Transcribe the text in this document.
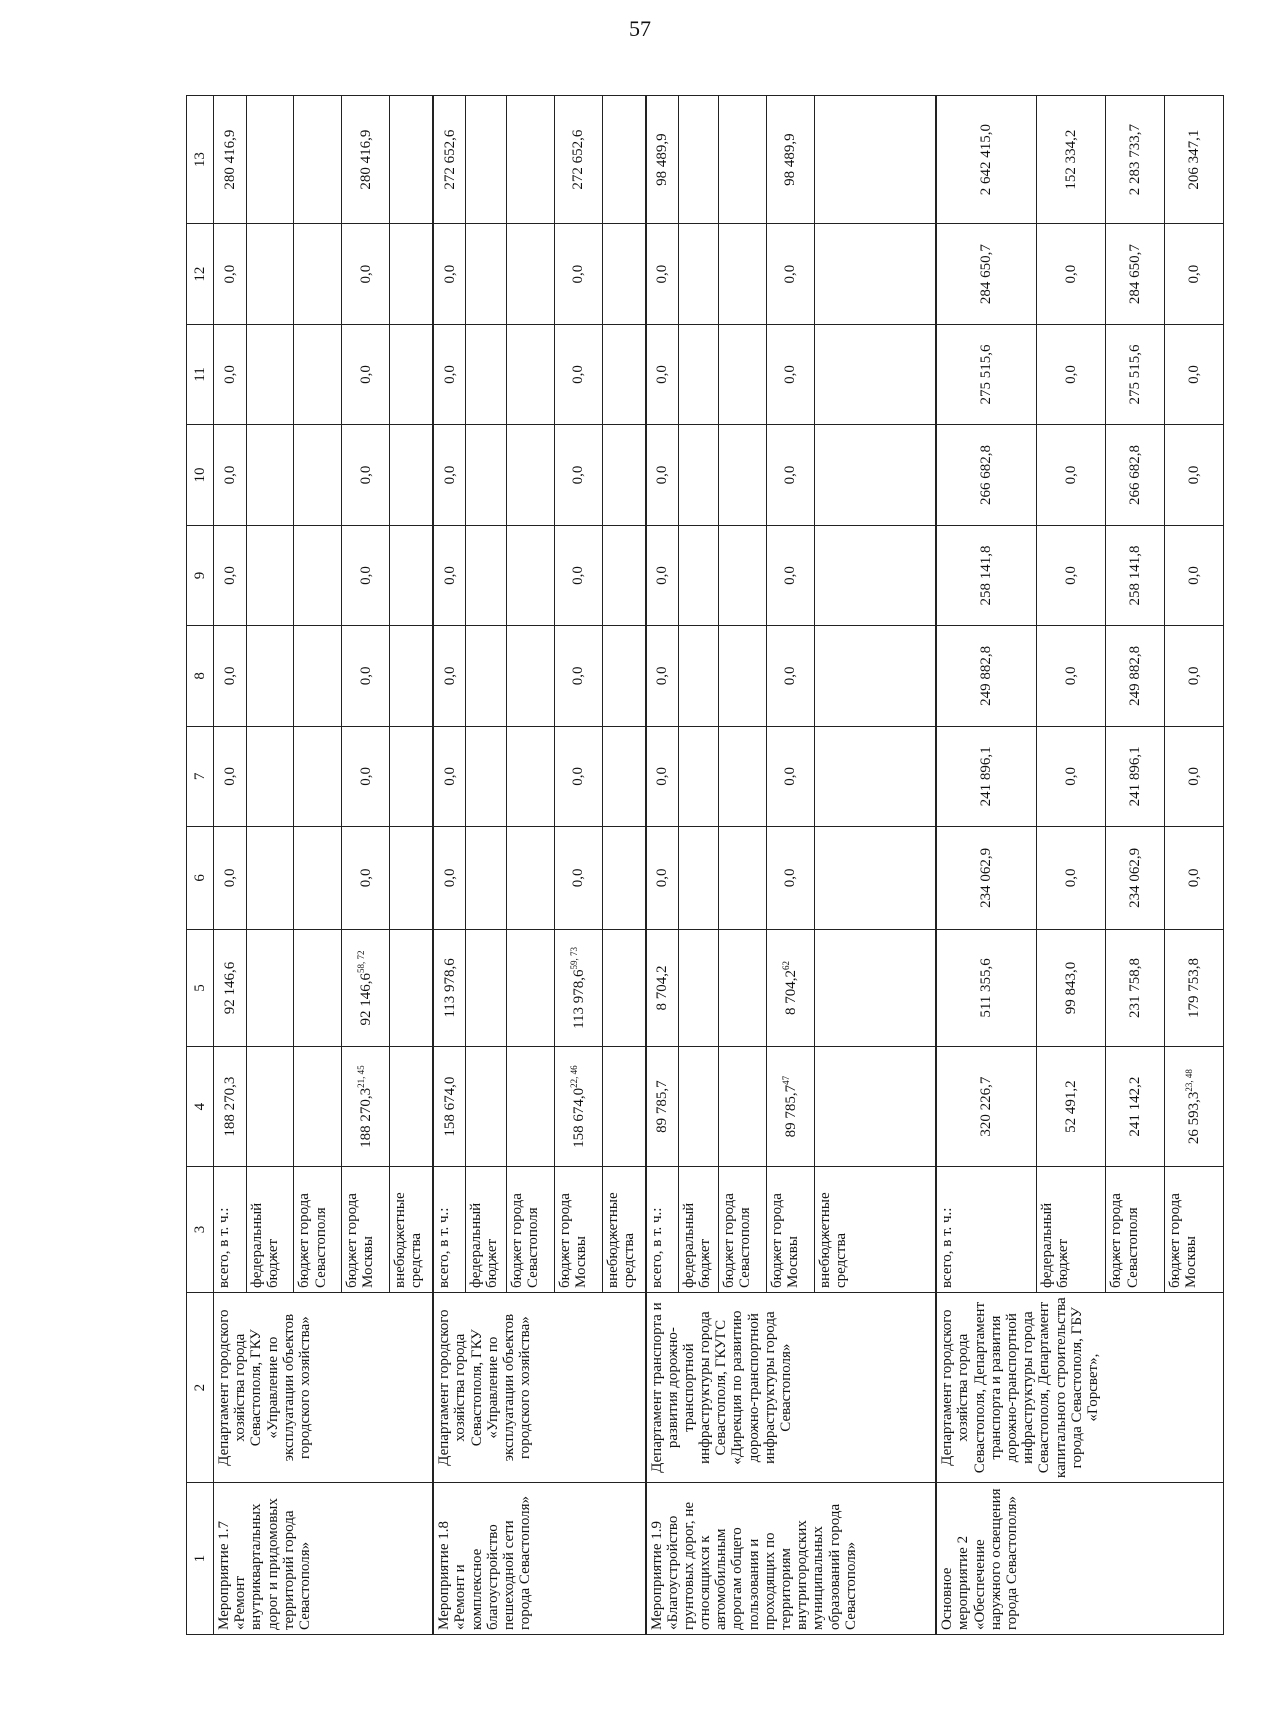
57
1	2	3	4	5	6	7	8	9	10	11	12	13
Мероприятие 1.7 «Ремонт внутриквартальных дорог и придомовых территорий города Севастополя»	Департамент городского хозяйства города Севастополя, ГКУ «Управление по эксплуатации объектов городского хозяйства»	всего, в т. ч.:	188 270,3	92 146,6	0,0	0,0	0,0	0,0	0,0	0,0	0,0	280 416,9
		федеральный бюджет										
		бюджет города Севастополя										
		бюджет города Москвы	188 270,3$^{21, 45}$	92 146,6$^{58, 72}$	0,0	0,0	0,0	0,0	0,0	0,0	0,0	280 416,9
		внебюджетные средства										
Мероприятие 1.8 «Ремонт и комплексное благоустройство пешеходной сети города Севастополя»	Департамент городского хозяйства города Севастополя, ГКУ «Управление по эксплуатации объектов городского хозяйства»	всего, в т. ч.:	158 674,0	113 978,6	0,0	0,0	0,0	0,0	0,0	0,0	0,0	272 652,6
		федеральный бюджет										
		бюджет города Севастополя										
		бюджет города Москвы	158 674,0$^{22, 46}$	113 978,6$^{59, 73}$	0,0	0,0	0,0	0,0	0,0	0,0	0,0	272 652,6
		внебюджетные средства										
Мероприятие 1.9 «Благоустройство грунтовых дорог, не относящихся к автомобильным дорогам общего пользования и проходящих по территориям внутригородских муниципальных образований города Севастополя»	Департамент транспорта и развития дорожно-транспортной инфраструктуры города Севастополя, ГКУГС «Дирекция по развитию дорожно-транспортной инфраструктуры города Севастополя»	всего, в т. ч.:	89 785,7	8 704,2	0,0	0,0	0,0	0,0	0,0	0,0	0,0	98 489,9
		федеральный бюджет										
		бюджет города Севастополя										
		бюджет города Москвы	89 785,7$^{47}$	8 704,2$^{62}$	0,0	0,0	0,0	0,0	0,0	0,0	0,0	98 489,9
		внебюджетные средства										
Основное мероприятие 2 «Обеспечение наружного освещения города Севастополя»	Департамент городского хозяйства города Севастополя, Департамент транспорта и развития дорожно-транспортной инфраструктуры города Севастополя, Департамент капитального строительства города Севастополя, ГБУ «Горсвет»,	всего, в т. ч.:	320 226,7	511 355,6	234 062,9	241 896,1	249 882,8	258 141,8	266 682,8	275 515,6	284 650,7	2 642 415,0
		федеральный бюджет	52 491,2	99 843,0	0,0	0,0	0,0	0,0	0,0	0,0	0,0	152 334,2
		бюджет города Севастополя	241 142,2	231 758,8	234 062,9	241 896,1	249 882,8	258 141,8	266 682,8	275 515,6	284 650,7	2 283 733,7
		бюджет города Москвы	26 593,3$^{23, 48}$	179 753,8	0,0	0,0	0,0	0,0	0,0	0,0	0,0	206 347,1
